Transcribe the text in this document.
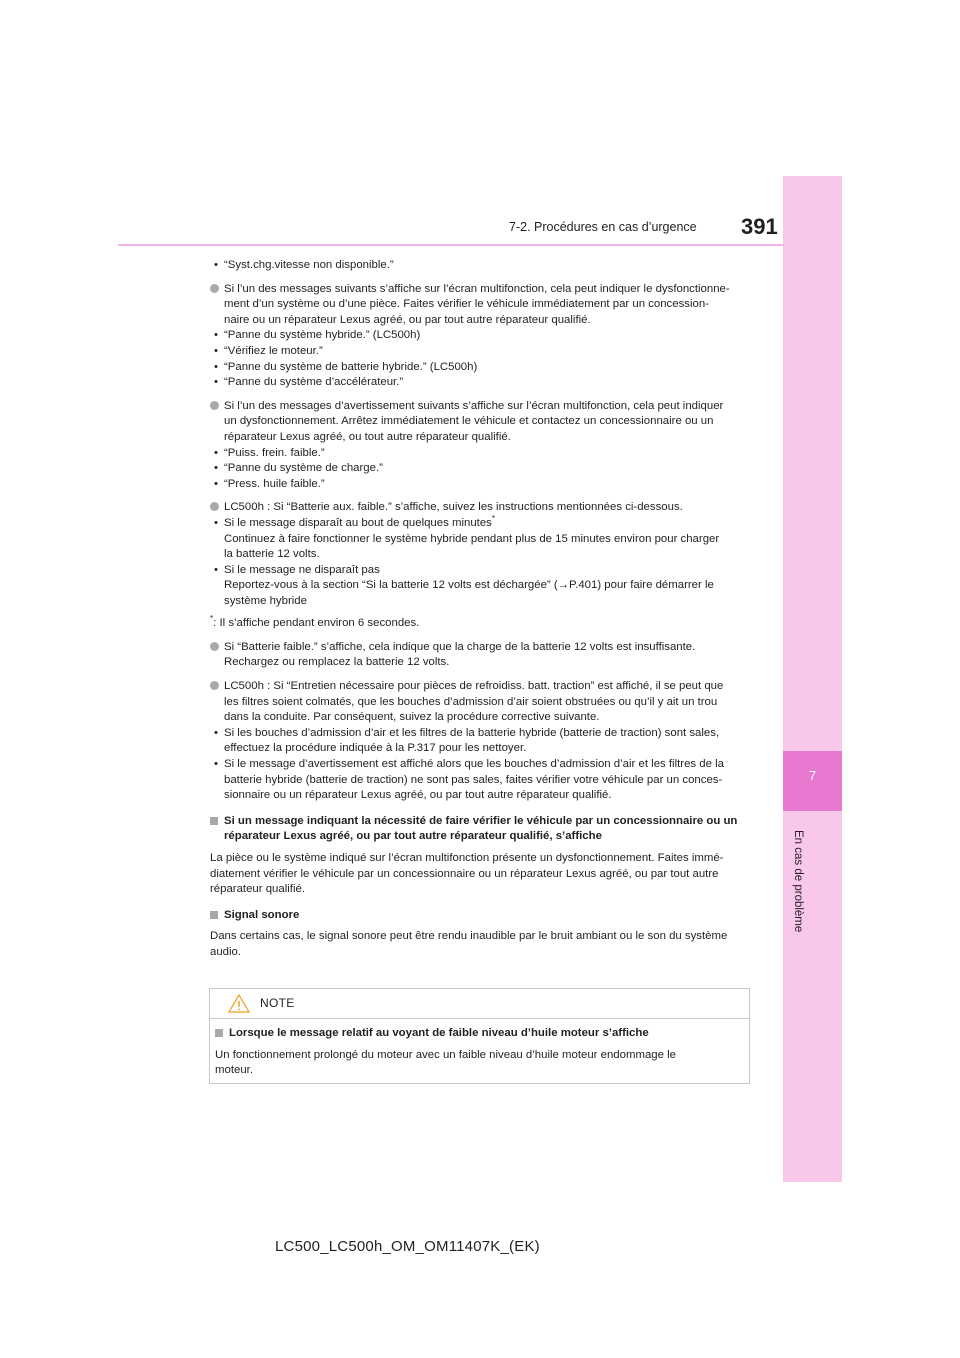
7
En cas de problème
7-2. Procédures en cas d’urgence 391
• “Syst.chg.vitesse non disponible.”
Si l’un des messages suivants s’affiche sur l’écran multifonction, cela peut indiquer le dysfonctionne-
ment d’un système ou d’une pièce. Faites vérifier le véhicule immédiatement par un concession-
naire ou un réparateur Lexus agréé, ou par tout autre réparateur qualifié.
• “Panne du système hybride.” (LC500h)
• “Vérifiez le moteur.”
• “Panne du système de batterie hybride.” (LC500h)
• “Panne du système d’accélérateur.”
Si l’un des messages d’avertissement suivants s’affiche sur l’écran multifonction, cela peut indiquer
un dysfonctionnement. Arrêtez immédiatement le véhicule et contactez un concessionnaire ou un
réparateur Lexus agréé, ou tout autre réparateur qualifié.
• “Puiss. frein. faible.”
• “Panne du système de charge.”
• “Press. huile faible.”
LC500h : Si “Batterie aux. faible.” s’affiche, suivez les instructions mentionnées ci-dessous.
• Si le message disparaît au bout de quelques minutes*
Continuez à faire fonctionner le système hybride pendant plus de 15 minutes environ pour charger
la batterie 12 volts.
• Si le message ne disparaît pas
Reportez-vous à la section “Si la batterie 12 volts est déchargée” (→P.401) pour faire démarrer le
système hybride
*: Il s’affiche pendant environ 6 secondes.
Si “Batterie faible.” s’affiche, cela indique que la charge de la batterie 12 volts est insuffisante.
Rechargez ou remplacez la batterie 12 volts.
LC500h : Si “Entretien nécessaire pour pièces de refroidiss. batt. traction” est affiché, il se peut que
les filtres soient colmatés, que les bouches d’admission d’air soient obstruées ou qu’il y ait un trou
dans la conduite. Par conséquent, suivez la procédure corrective suivante.
• Si les bouches d’admission d’air et les filtres de la batterie hybride (batterie de traction) sont sales,
effectuez la procédure indiquée à la P.317 pour les nettoyer.
• Si le message d’avertissement est affiché alors que les bouches d’admission d’air et les filtres de la
batterie hybride (batterie de traction) ne sont pas sales, faites vérifier votre véhicule par un conces-
sionnaire ou un réparateur Lexus agréé, ou par tout autre réparateur qualifié.
Si un message indiquant la nécessité de faire vérifier le véhicule par un concessionnaire ou un
réparateur Lexus agréé, ou par tout autre réparateur qualifié, s’affiche
La pièce ou le système indiqué sur l’écran multifonction présente un dysfonctionnement. Faites immé-
diatement vérifier le véhicule par un concessionnaire ou un réparateur Lexus agréé, ou par tout autre
réparateur qualifié.
Signal sonore
Dans certains cas, le signal sonore peut être rendu inaudible par le bruit ambiant ou le son du système
audio.
NOTE
Lorsque le message relatif au voyant de faible niveau d’huile moteur s’affiche
Un fonctionnement prolongé du moteur avec un faible niveau d’huile moteur endommage le
moteur.
LC500_LC500h_OM_OM11407K_(EK)
